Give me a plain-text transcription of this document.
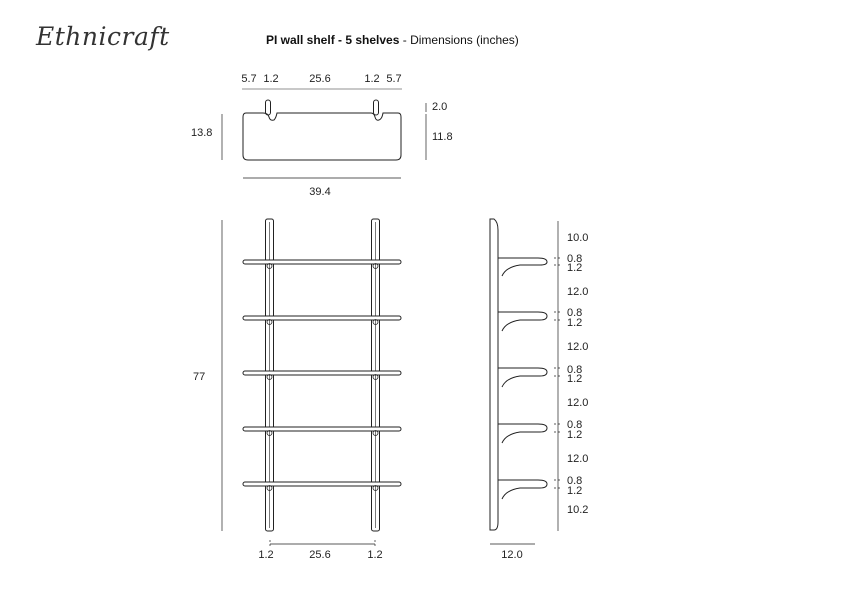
Ethnicraft	PI wall shelf - 5 shelves - Dimensions (inches)
5.7 1.2	25.6	1.2 5.7
13.8
39.4
2.0
11.8
77
1.2	25.6	1.2
10.0
0.8
1.2
12.0
0.8
1.2
12.0
0.8
1.2
12.0
0.8
1.2
12.0
0.8
1.2
10.2
12.0
